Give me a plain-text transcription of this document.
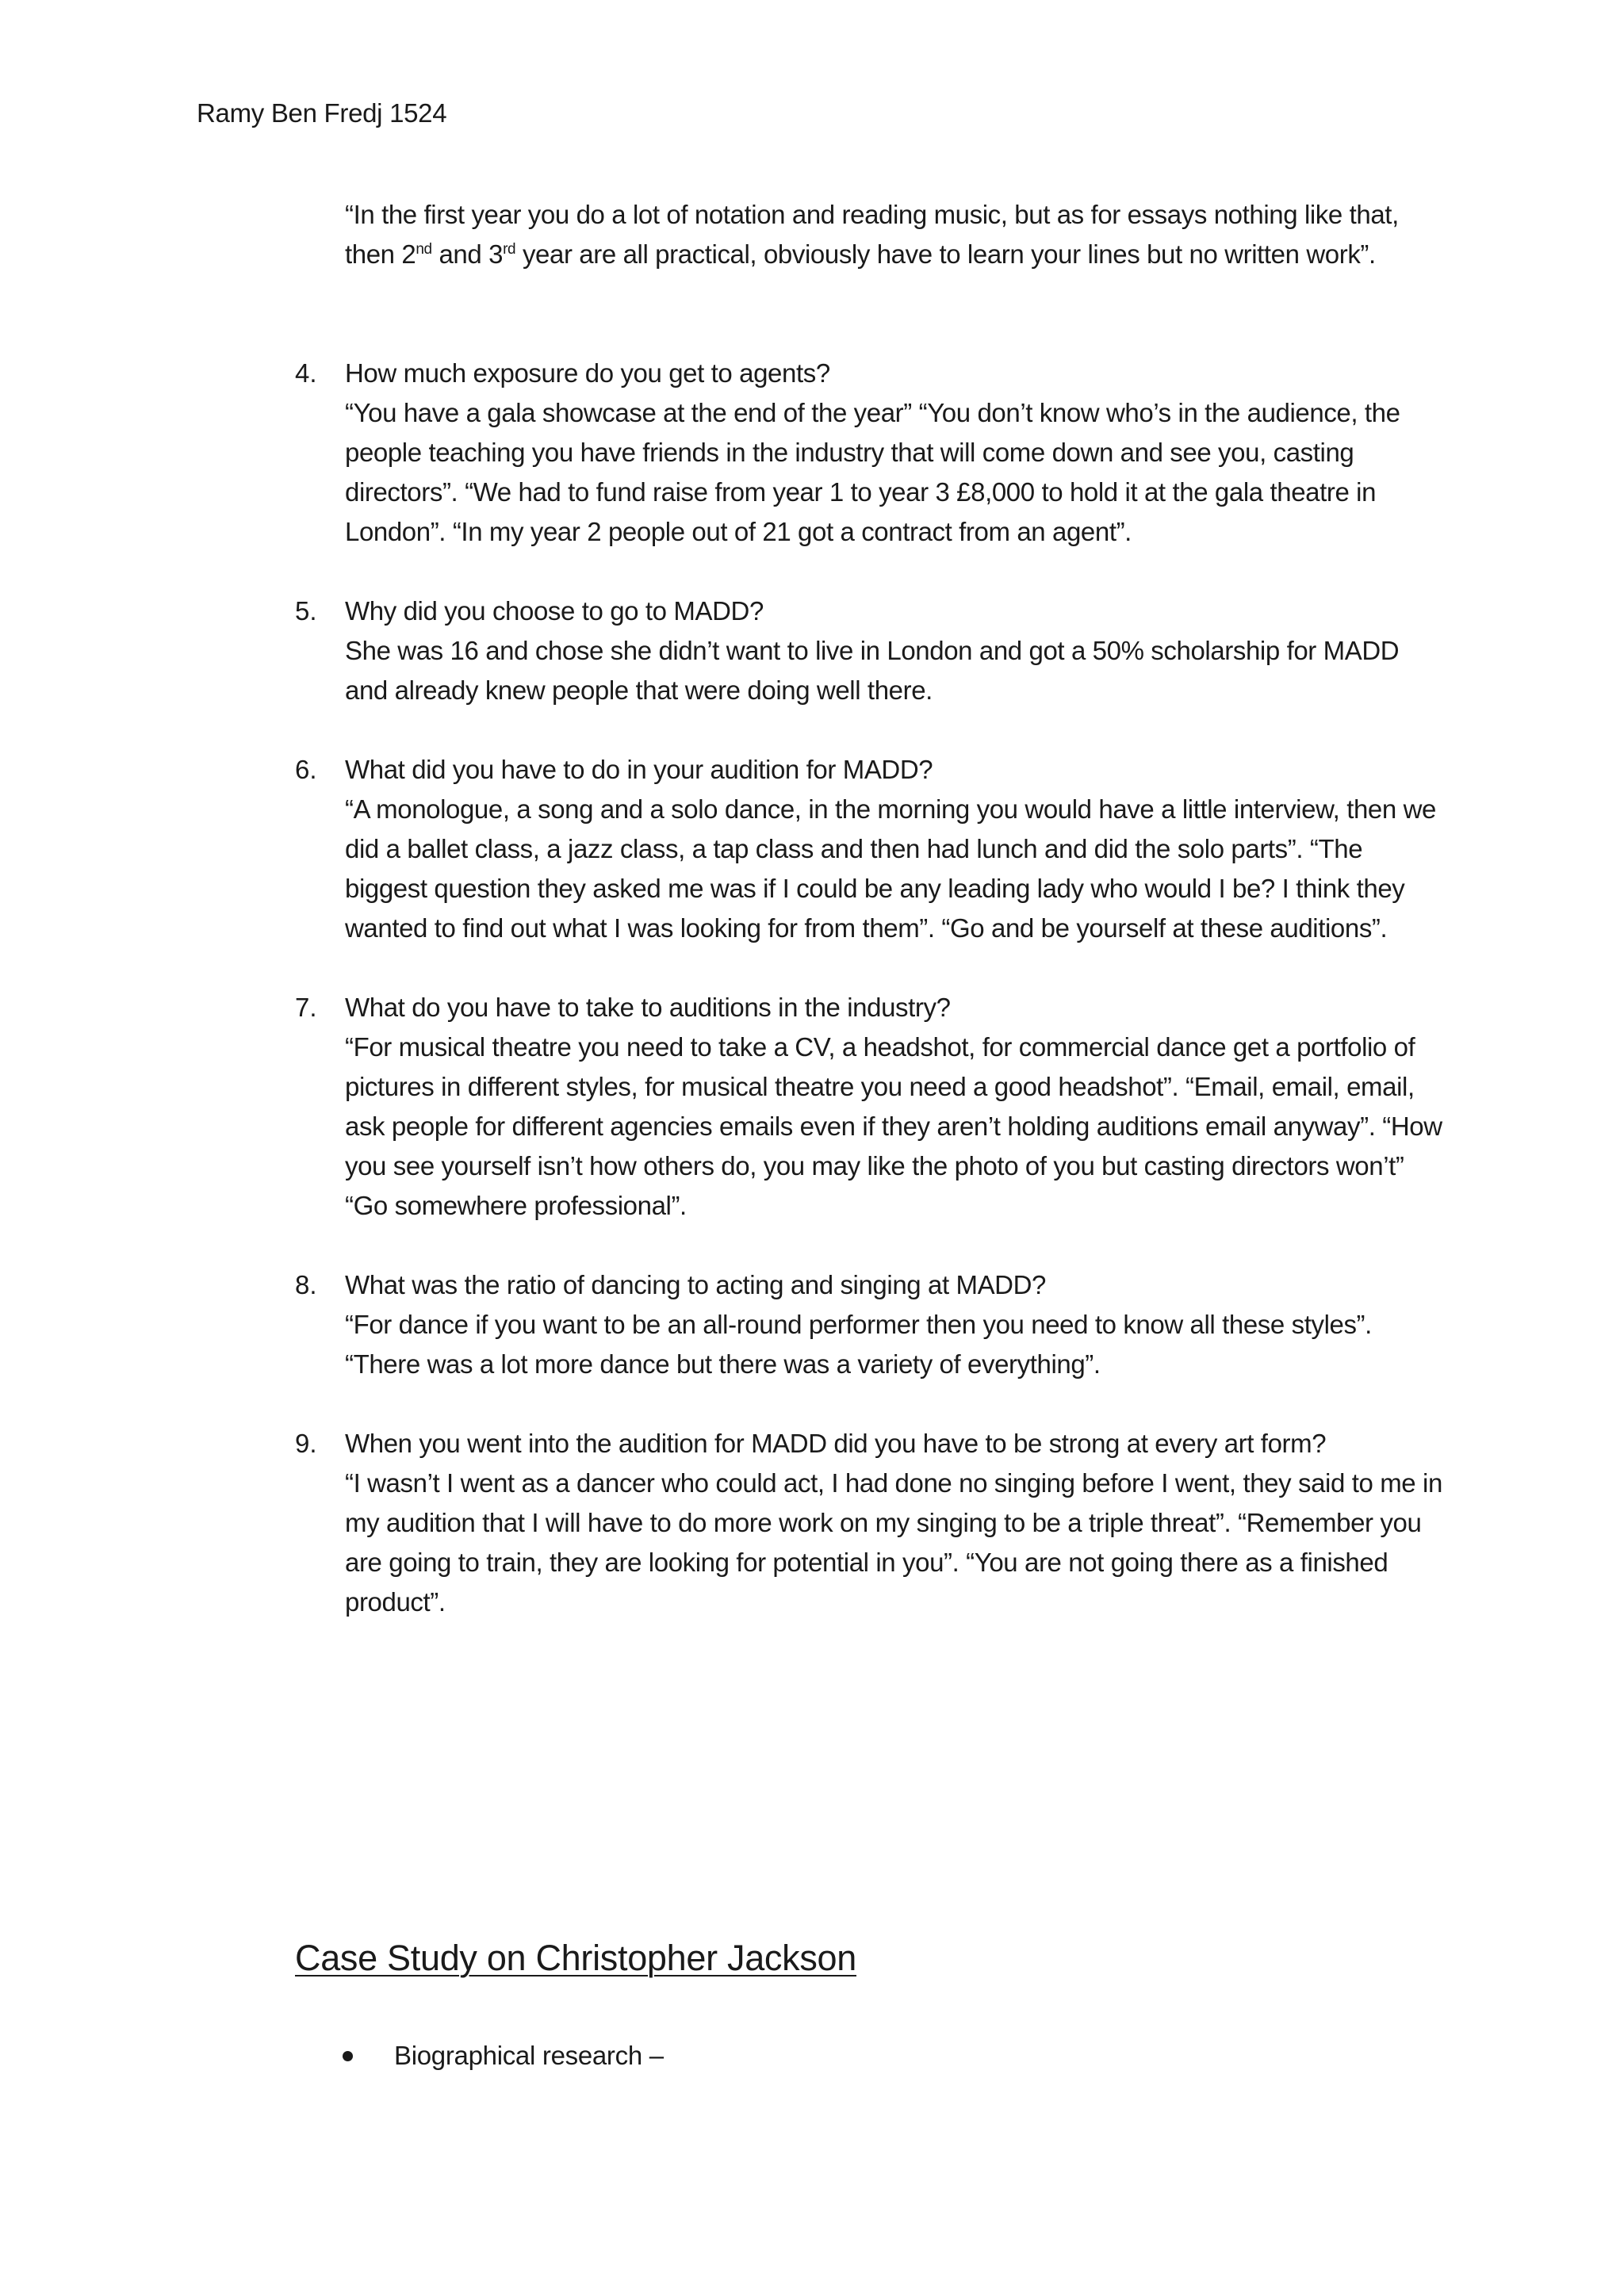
Ramy Ben Fredj 1524
“In the first year you do a lot of notation and reading music, but as for essays nothing like that, then 2nd and 3rd year are all practical, obviously have to learn your lines but no written work”.
4. How much exposure do you get to agents?
“You have a gala showcase at the end of the year” “You don’t know who’s in the audience, the people teaching you have friends in the industry that will come down and see you, casting directors”. “We had to fund raise from year 1 to year 3 £8,000 to hold it at the gala theatre in London”. “In my year 2 people out of 21 got a contract from an agent”.
5. Why did you choose to go to MADD?
She was 16 and chose she didn’t want to live in London and got a 50% scholarship for MADD and already knew people that were doing well there.
6. What did you have to do in your audition for MADD?
“A monologue, a song and a solo dance, in the morning you would have a little interview, then we did a ballet class, a jazz class, a tap class and then had lunch and did the solo parts”. “The biggest question they asked me was if I could be any leading lady who would I be? I think they wanted to find out what I was looking for from them”. “Go and be yourself at these auditions”.
7. What do you have to take to auditions in the industry?
“For musical theatre you need to take a CV, a headshot, for commercial dance get a portfolio of pictures in different styles, for musical theatre you need a good headshot”. “Email, email, email, ask people for different agencies emails even if they aren’t holding auditions email anyway”. “How you see yourself isn’t how others do, you may like the photo of you but casting directors won’t” “Go somewhere professional”.
8. What was the ratio of dancing to acting and singing at MADD?
“For dance if you want to be an all-round performer then you need to know all these styles”. “There was a lot more dance but there was a variety of everything”.
9. When you went into the audition for MADD did you have to be strong at every art form?
“I wasn’t I went as a dancer who could act, I had done no singing before I went, they said to me in my audition that I will have to do more work on my singing to be a triple threat”. “Remember you are going to train, they are looking for potential in you”. “You are not going there as a finished product”.
Case Study on Christopher Jackson
Biographical research –
